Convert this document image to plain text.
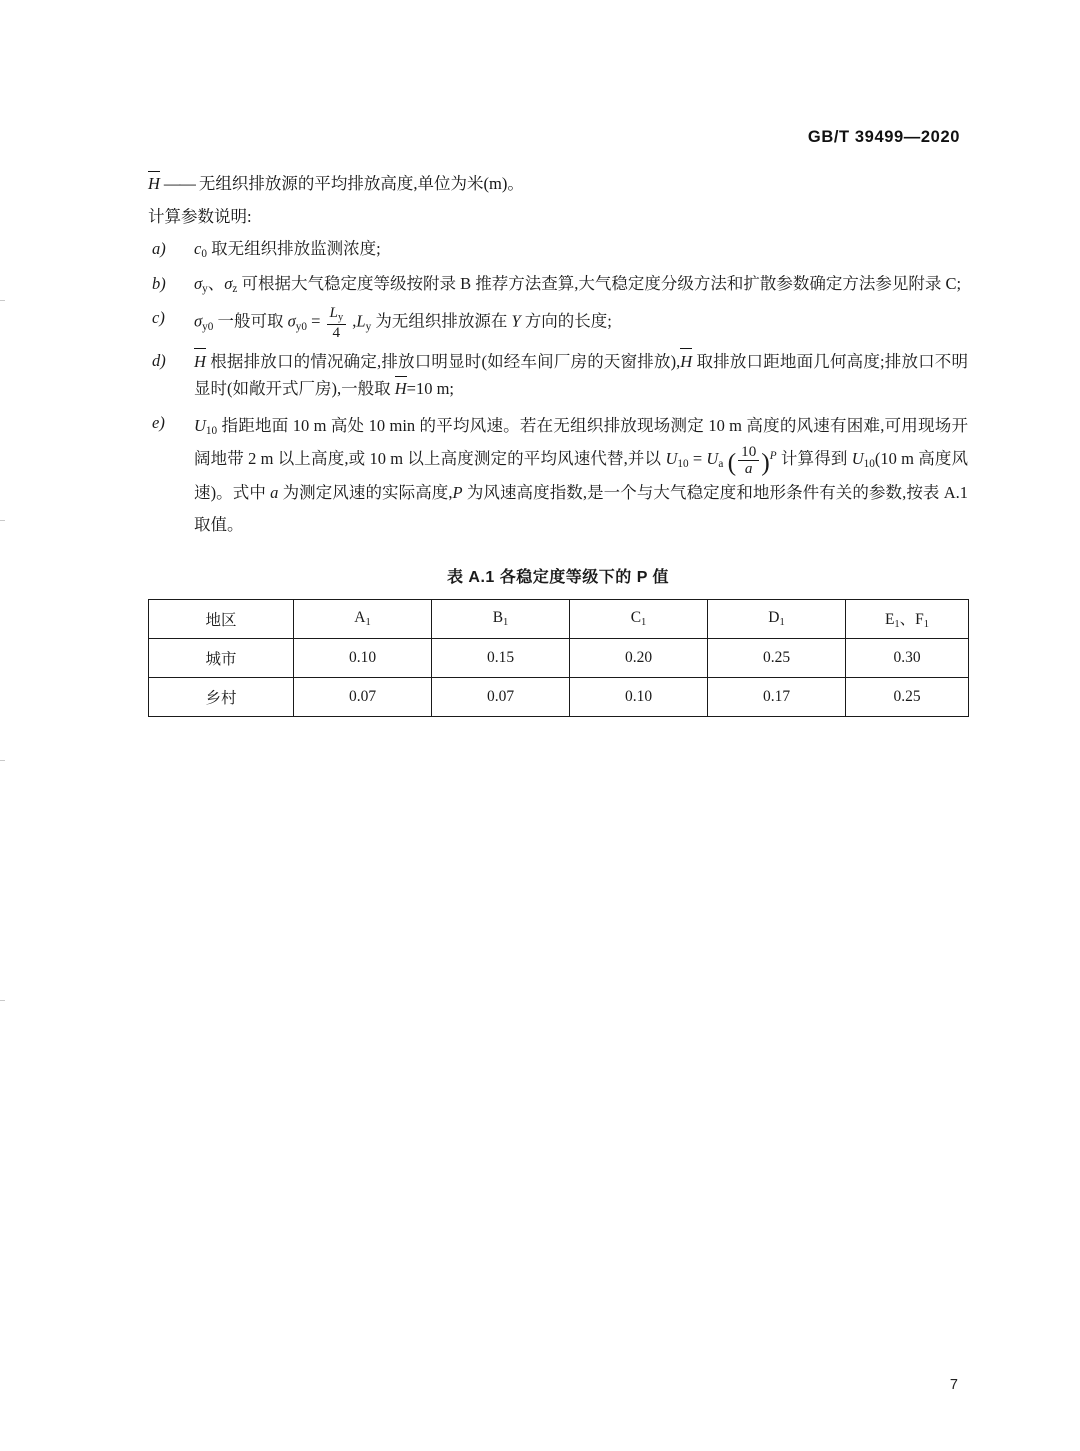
GB/T 39499—2020
H —— 无组织排放源的平均排放高度,单位为米(m)。
计算参数说明:
a)	$c_0$ 取无组织排放监测浓度;
b)	$\sigma_y$、$\sigma_z$ 可根据大气稳定度等级按附录 B 推荐方法查算,大气稳定度分级方法和扩散参数确定方法参见附录 C;
c)	$\sigma_{y0}$ 一般可取 $\sigma_{y0} = \frac{L_y}{4} ,L_y$ 为无组织排放源在 Y 方向的长度;
d)	H 根据排放口的情况确定,排放口明显时(如经车间厂房的天窗排放),H 取排放口距地面几何高度;排放口不明显时(如敞开式厂房),一般取 H=10 m;
e)	$U_{10}$ 指距地面 10 m 高处 10 min 的平均风速。若在无组织排放现场测定 10 m 高度的风速有困难,可用现场开阔地带 2 m 以上高度,或 10 m 以上高度测定的平均风速代替,并以 $U_{10} = U_a$ ( $\frac{10}{a} )^P$ 计算得到 $U_{10}(10$ m 高度风速)。式中 a 为测定风速的实际高度,P 为风速高度指数,是一个与大气稳定度和地形条件有关的参数,按表 A.1 取值。
表 A.1 各稳定度等级下的 P 值
地区	$A_1$	$B_1$	$C_1$	$D_1$	$E_1$、$F_1$
城市	0.10	0.15	0.20	0.25	0.30
乡村	0.07	0.07	0.10	0.17	0.25
7
